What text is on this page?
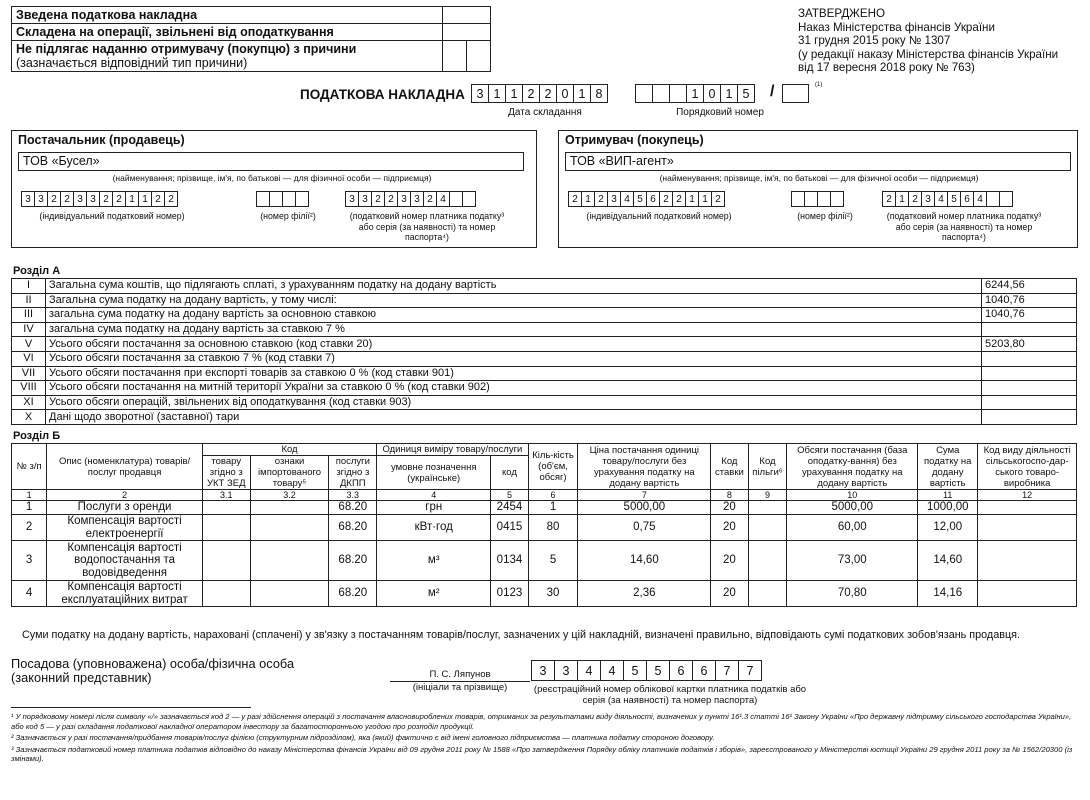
Зведена податкова накладна		
Складена на операції, звільнені від оподаткування		
Не підлягає наданню отримувачу (покупцю) з причини
(зазначається відповідний тип причини)		
ЗАТВЕРДЖЕНО
Наказ Міністерства фінансів України
31 грудня 2015 року № 1307
(у редакції наказу Міністерства фінансів України
від 17 вересня 2018 року № 763)
ПОДАТКОВА НАКЛАДНА 3 1 1 2 2 0 1 8
Дата складання
1 0 1 5	/	(1)
Порядковий номер
Постачальник (продавець)
ТОВ «Бусел»
(найменування; прізвище, ім'я, по батькові — для фізичної особи — підприємця)
3 3 2 2 3 3 2 2 1 1 2 2	3 3 2 2 3 3 2 4
(індивідуальний податковий номер)	(номер філії²)	(податковий номер платника податку³ або серія (за наявності) та номер паспорта⁴)
Отримувач (покупець)
ТОВ «ВИП-агент»
(найменування; прізвище, ім'я, по батькові — для фізичної особи — підприємця)
2 1 2 3 4 5 6 2 2 1 1 2	2 1 2 3 4 5 6 4
(індивідуальний податковий номер)	(номер філії²)	(податковий номер платника податку³ або серія (за наявності) та номер паспорта⁴)
Розділ А
I	Загальна сума коштів, що підлягають сплаті, з урахуванням податку на додану вартість	6244,56
II	Загальна сума податку на додану вартість, у тому числі:	1040,76
III	загальна сума податку на додану вартість за основною ставкою	1040,76
IV	загальна сума податку на додану вартість за ставкою 7 %	
V	Усього обсяги постачання за основною ставкою (код ставки 20)	5203,80
VI	Усього обсяги постачання за ставкою 7 % (код ставки 7)	
VII	Усього обсяги постачання при експорті товарів за ставкою 0 % (код ставки 901)	
VIII	Усього обсяги постачання на митній території України за ставкою 0 % (код ставки 902)	
XI	Усього обсяги операцій, звільнених від оподаткування (код ставки 903)	
X	Дані щодо зворотної (заставної) тари	
Розділ Б
№ з/п	Опис (номенклатура) товарів/послуг продавця	Код			Одиниця виміру товару/послуги		Кіль-кість (об'єм, обсяг)	Ціна постачання одиниці товару/послуги без урахування податку на додану вартість	Код ставки	Код пільги⁶	Обсяги постачання (база оподатку-вання) без урахування податку на додану вартість	Сума податку на додану вартість	Код виду діяльності сільськогоспо-дар-ського товаро-виробника
		товару згідно з УКТ ЗЕД	ознаки імпортованого товару⁵	послуги згідно з ДКПП	умовне позначення (українське)	код							
1	2	3.1	3.2	3.3	4	5	6	7	8	9	10	11	12
1	Послуги з оренди			68.20	грн	2454	1	5000,00	20		5000,00	1000,00	
2	Компенсація вартості електроенергії			68.20	кВт·год	0415	80	0,75	20		60,00	12,00	
3	Компенсація вартості водопостачання та водовідведення			68.20	м³	0134	5	14,60	20		73,00	14,60	
4	Компенсація вартості експлуатаційних витрат			68.20	м²	0123	30	2,36	20		70,80	14,16	
Суми податку на додану вартість, нараховані (сплачені) у зв'язку з постачанням товарів/послуг, зазначених у цій накладній, визначені правильно, відповідають сумі податкових зобов'язань продавця.
Посадова (уповноважена) особа/фізична особа
(законний представник)	П. С. Ляпунов
(ініціали та прізвище)
3	3	4	4	5	5	6	6	7	7
(реєстраційний номер облікової картки платника податків або серія (за наявності) та номер паспорта)

¹ У порядковому номері після символу «/» зазначається код 2 — у разі здійснення операцій з постачання власновироблених товарів, отриманих за результатами виду діяльності, визначених у пункті 16¹.3 статті 16¹ Закону України «Про державну підтримку сільського господарства України», або код 5 — у разі складання податкової накладної оператором інвестору за багатосторонньою угодою про розподіл продукції.

² Зазначається у разі постачання/придбання товарів/послуг філією (структурним підрозділом), яка (який) фактично є від імені головного підприємства — платника податку стороною договору.

³ Зазначається податковий номер платника податків відповідно до наказу Міністерства фінансів України від 09 грудня 2011 року № 1588 «Про затвердження Порядку обліку платників податків і зборів», зареєстрованого у Міністерстві юстиції України 29 грудня 2011 року за № 1562/20300 (із змінами).
